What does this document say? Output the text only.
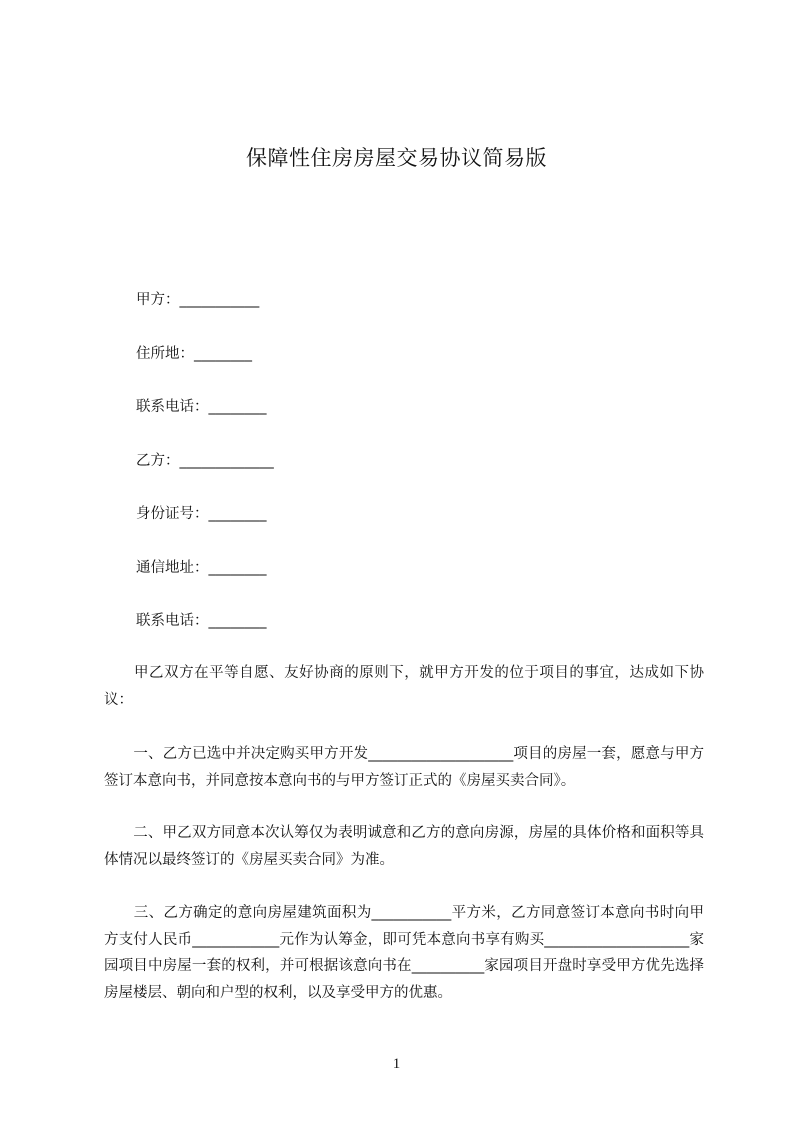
保障性住房房屋交易协议简易版
甲方：___________
住所地：________
联系电话：________
乙方：_____________
身份证号：________
通信地址：________
联系电话：________
　　甲乙双方在平等自愿、友好协商的原则下，就甲方开发的位于项目的事宜，达成如下协议：
　　一、乙方已选中并决定购买甲方开发____________________项目的房屋一套，愿意与甲方签订本意向书，并同意按本意向书的与甲方签订正式的《房屋买卖合同》。
　　二、甲乙双方同意本次认筹仅为表明诚意和乙方的意向房源，房屋的具体价格和面积等具体情况以最终签订的《房屋买卖合同》为准。
　　三、乙方确定的意向房屋建筑面积为___________平方米，乙方同意签订本意向书时向甲方支付人民币____________元作为认筹金，即可凭本意向书享有购买____________________家园项目中房屋一套的权利，并可根据该意向书在__________家园项目开盘时享受甲方优先选择房屋楼层、朝向和户型的权利，以及享受甲方的优惠。
1
